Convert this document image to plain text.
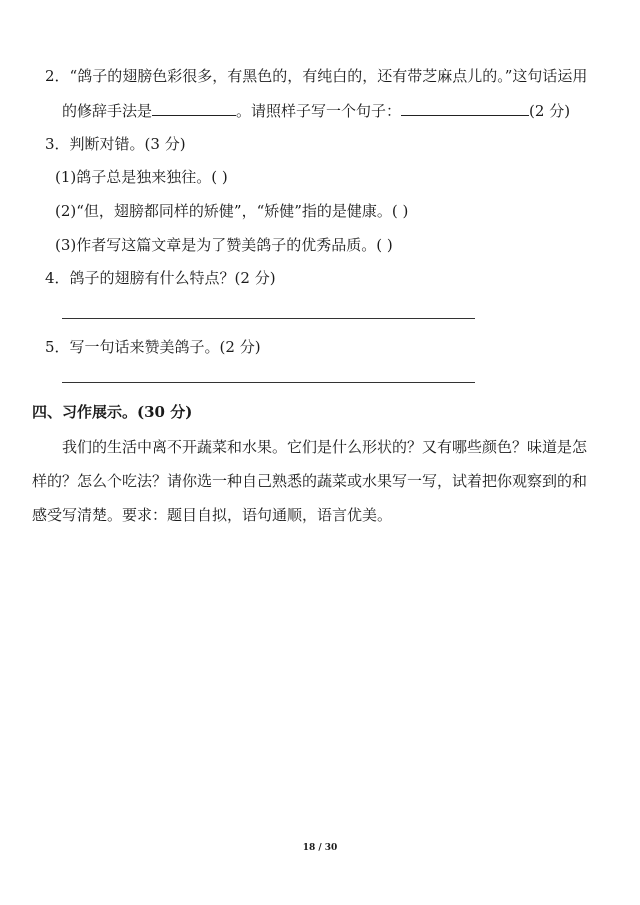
2．“鸽子的翅膀色彩很多，有黑色的，有纯白的，还有带芝麻点儿的。”这句话运用
的修辞手法是	。请照样子写一个句子：	(2 分)
3．判断对错。(3 分)
(1)鸽子总是独来独往。( )
(2)“但，翅膀都同样的矫健”，“矫健”指的是健康。( )
(3)作者写这篇文章是为了赞美鸽子的优秀品质。( )
4．鸽子的翅膀有什么特点？(2 分)
5．写一句话来赞美鸽子。(2 分)
四、习作展示。(30 分)
我们的生活中离不开蔬菜和水果。它们是什么形状的？又有哪些颜色？味道是怎
样的？怎么个吃法？请你选一种自己熟悉的蔬菜或水果写一写，试着把你观察到的和
感受写清楚。要求：题目自拟，语句通顺，语言优美。
18 / 30
